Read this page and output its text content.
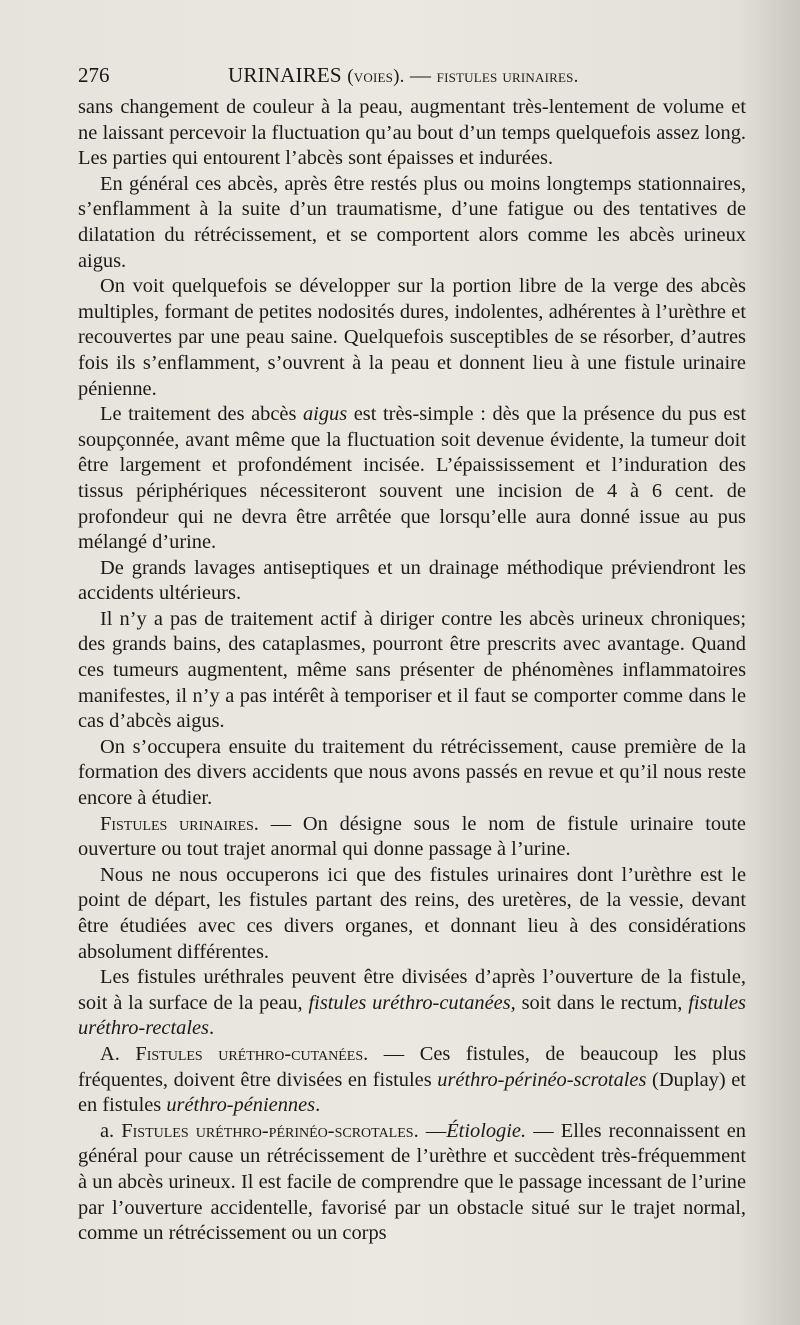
276	URINAIRES (voies). — fistules urinaires.

sans changement de couleur à la peau, augmentant très-lentement de volume et ne laissant percevoir la fluctuation qu’au bout d’un temps quelquefois assez long. Les parties qui entourent l’abcès sont épaisses et indurées.

En général ces abcès, après être restés plus ou moins longtemps stationnaires, s’enflamment à la suite d’un traumatisme, d’une fatigue ou des tentatives de dilatation du rétrécissement, et se comportent alors comme les abcès urineux aigus.

On voit quelquefois se développer sur la portion libre de la verge des abcès multiples, formant de petites nodosités dures, indolentes, adhérentes à l’urèthre et recouvertes par une peau saine. Quelquefois susceptibles de se résorber, d’autres fois ils s’enflamment, s’ouvrent à la peau et donnent lieu à une fistule urinaire pénienne.

Le traitement des abcès aigus est très-simple : dès que la présence du pus est soupçonnée, avant même que la fluctuation soit devenue évidente, la tumeur doit être largement et profondément incisée. L’épaississement et l’induration des tissus périphériques nécessiteront souvent une incision de 4 à 6 cent. de profondeur qui ne devra être arrêtée que lorsqu’elle aura donné issue au pus mélangé d’urine.

De grands lavages antiseptiques et un drainage méthodique préviendront les accidents ultérieurs.

Il n’y a pas de traitement actif à diriger contre les abcès urineux chroniques; des grands bains, des cataplasmes, pourront être prescrits avec avantage. Quand ces tumeurs augmentent, même sans présenter de phénomènes inflammatoires manifestes, il n’y a pas intérêt à temporiser et il faut se comporter comme dans le cas d’abcès aigus.

On s’occupera ensuite du traitement du rétrécissement, cause première de la formation des divers accidents que nous avons passés en revue et qu’il nous reste encore à étudier.

Fistules urinaires. — On désigne sous le nom de fistule urinaire toute ouverture ou tout trajet anormal qui donne passage à l’urine.

Nous ne nous occuperons ici que des fistules urinaires dont l’urèthre est le point de départ, les fistules partant des reins, des uretères, de la vessie, devant être étudiées avec ces divers organes, et donnant lieu à des considérations absolument différentes.

Les fistules uréthrales peuvent être divisées d’après l’ouverture de la fistule, soit à la surface de la peau, fistules uréthro-cutanées, soit dans le rectum, fistules uréthro-rectales.

A. Fistules uréthro-cutanées. — Ces fistules, de beaucoup les plus fréquentes, doivent être divisées en fistules uréthro-périnéo-scrotales (Duplay) et en fistules uréthro-péniennes.

a. Fistules uréthro-périnéo-scrotales. —Étiologie. — Elles reconnaissent en général pour cause un rétrécissement de l’urèthre et succèdent très-fréquemment à un abcès urineux. Il est facile de comprendre que le passage incessant de l’urine par l’ouverture accidentelle, favorisé par un obstacle situé sur le trajet normal, comme un rétrécissement ou un corps
